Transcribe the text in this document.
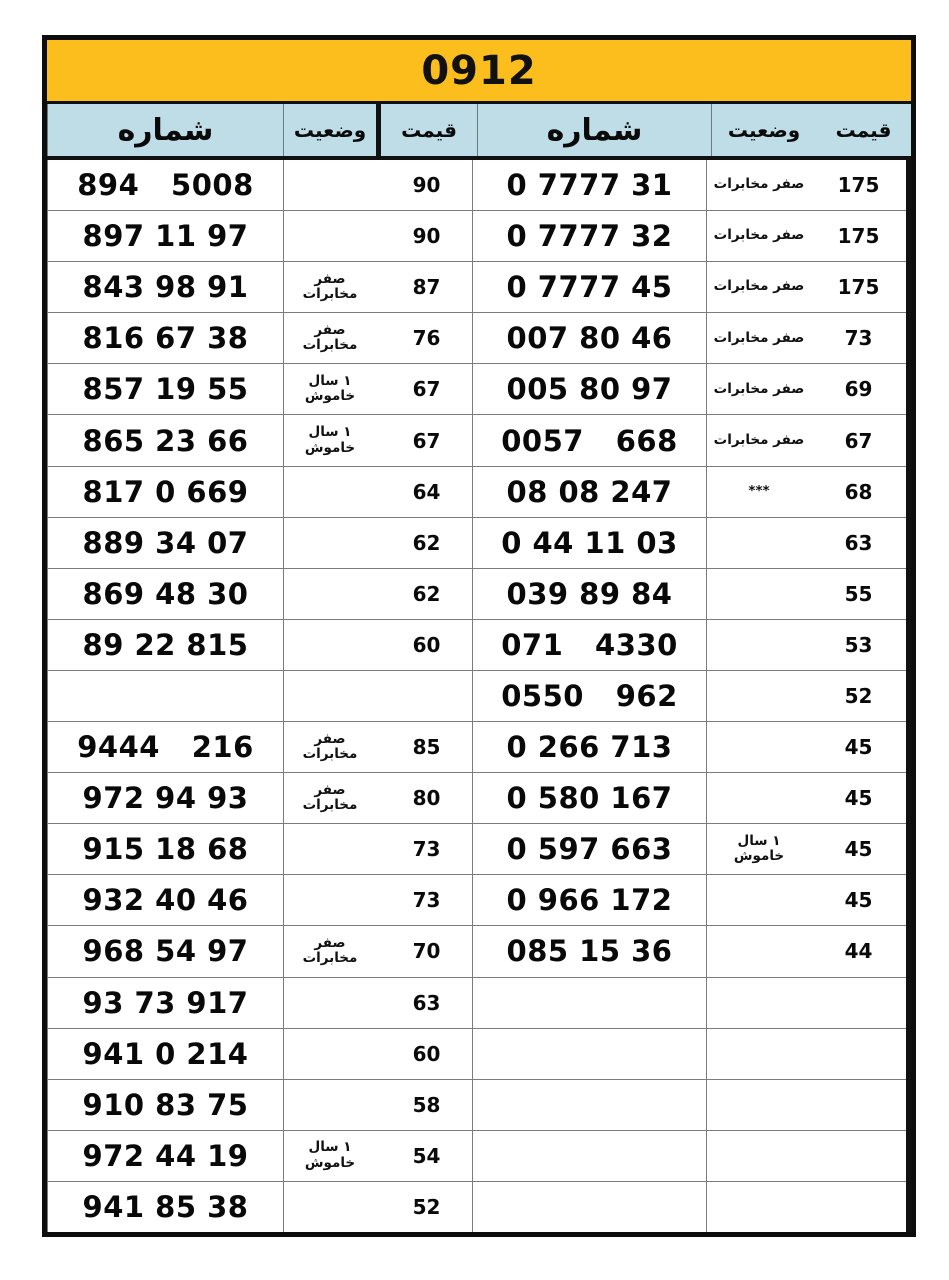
0912
قیمت
وضعیت
شماره
قیمت
وضعیت
شماره
175
صفر مخابرات
0 7777 31
175
صفر مخابرات
0 7777 32
175
صفر مخابرات
0 7777 45
73
صفر مخابرات
007 80 46
69
صفر مخابرات
005 80 97
67
صفر مخابرات
0057   668
68
***
08 08 247
63
0 44 11 03
55
039 89 84
53
071   4330
52
0550   962
45
0 266 713
45
0 580 167
45
۱ سال خاموش
0 597 663
45
0 966 172
44
085 15 36
90
894   5008
90
897 11 97
87
صفر مخابرات
843 98 91
76
صفر مخابرات
816 67 38
67
۱ سال خاموش
857 19 55
67
۱ سال خاموش
865 23 66
64
817 0 669
62
889 34 07
62
869 48 30
60
89 22 815
85
صفر مخابرات
9444   216
80
صفر مخابرات
972 94 93
73
915 18 68
73
932 40 46
70
صفر مخابرات
968 54 97
63
93 73 917
60
941 0 214
58
910 83 75
54
۱ سال خاموش
972 44 19
52
941 85 38
